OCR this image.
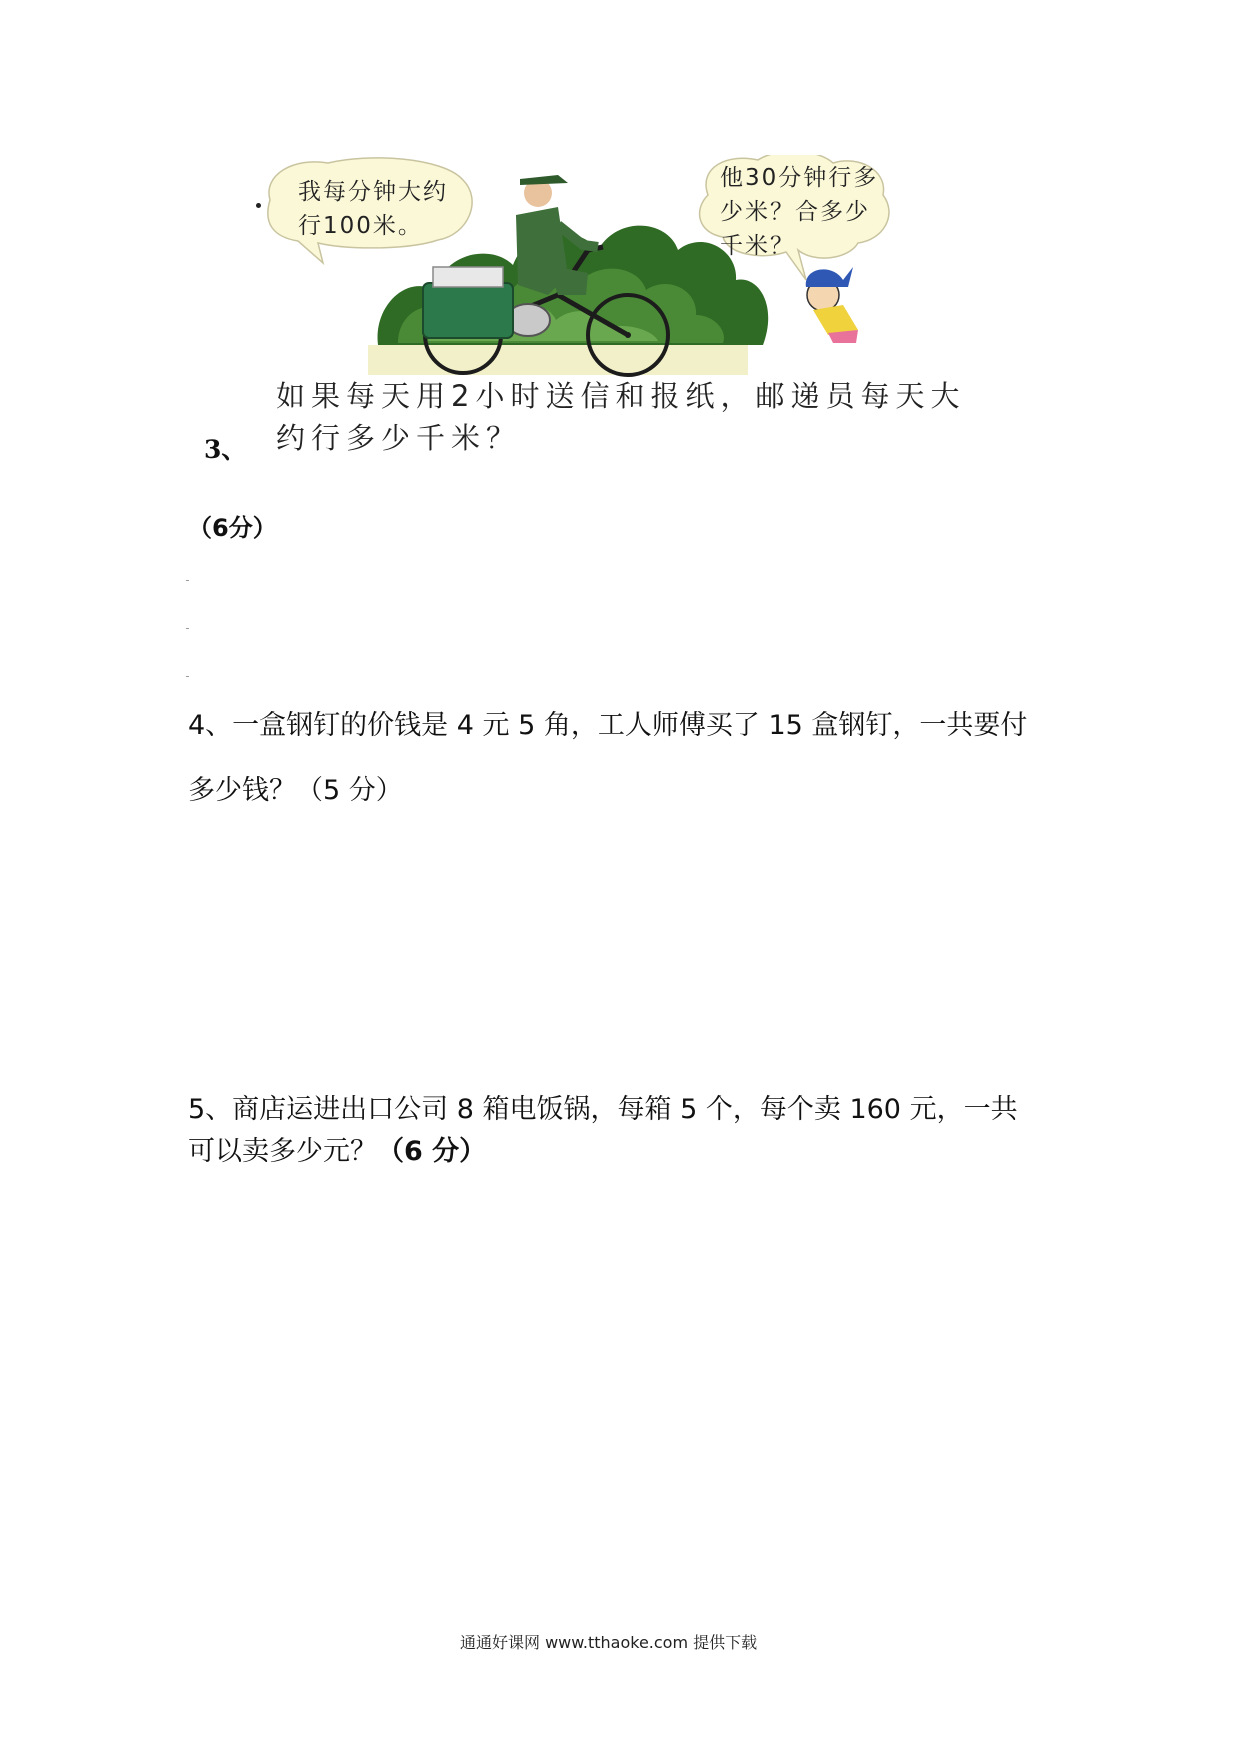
我每分钟大约
行100米。
他30分钟行多
少米？合多少
千米？
如果每天用2小时送信和报纸，邮递员每天大
约行多少千米？
3、
（6分）
4、一盒钢钉的价钱是 4 元 5 角，工人师傅买了 15 盒钢钉，一共要付
多少钱？（5 分）
5、商店运进出口公司 8 箱电饭锅，每箱 5 个，每个卖 160 元，一共
可以卖多少元？（6 分）
通通好课网 www.tthaoke.com 提供下载
